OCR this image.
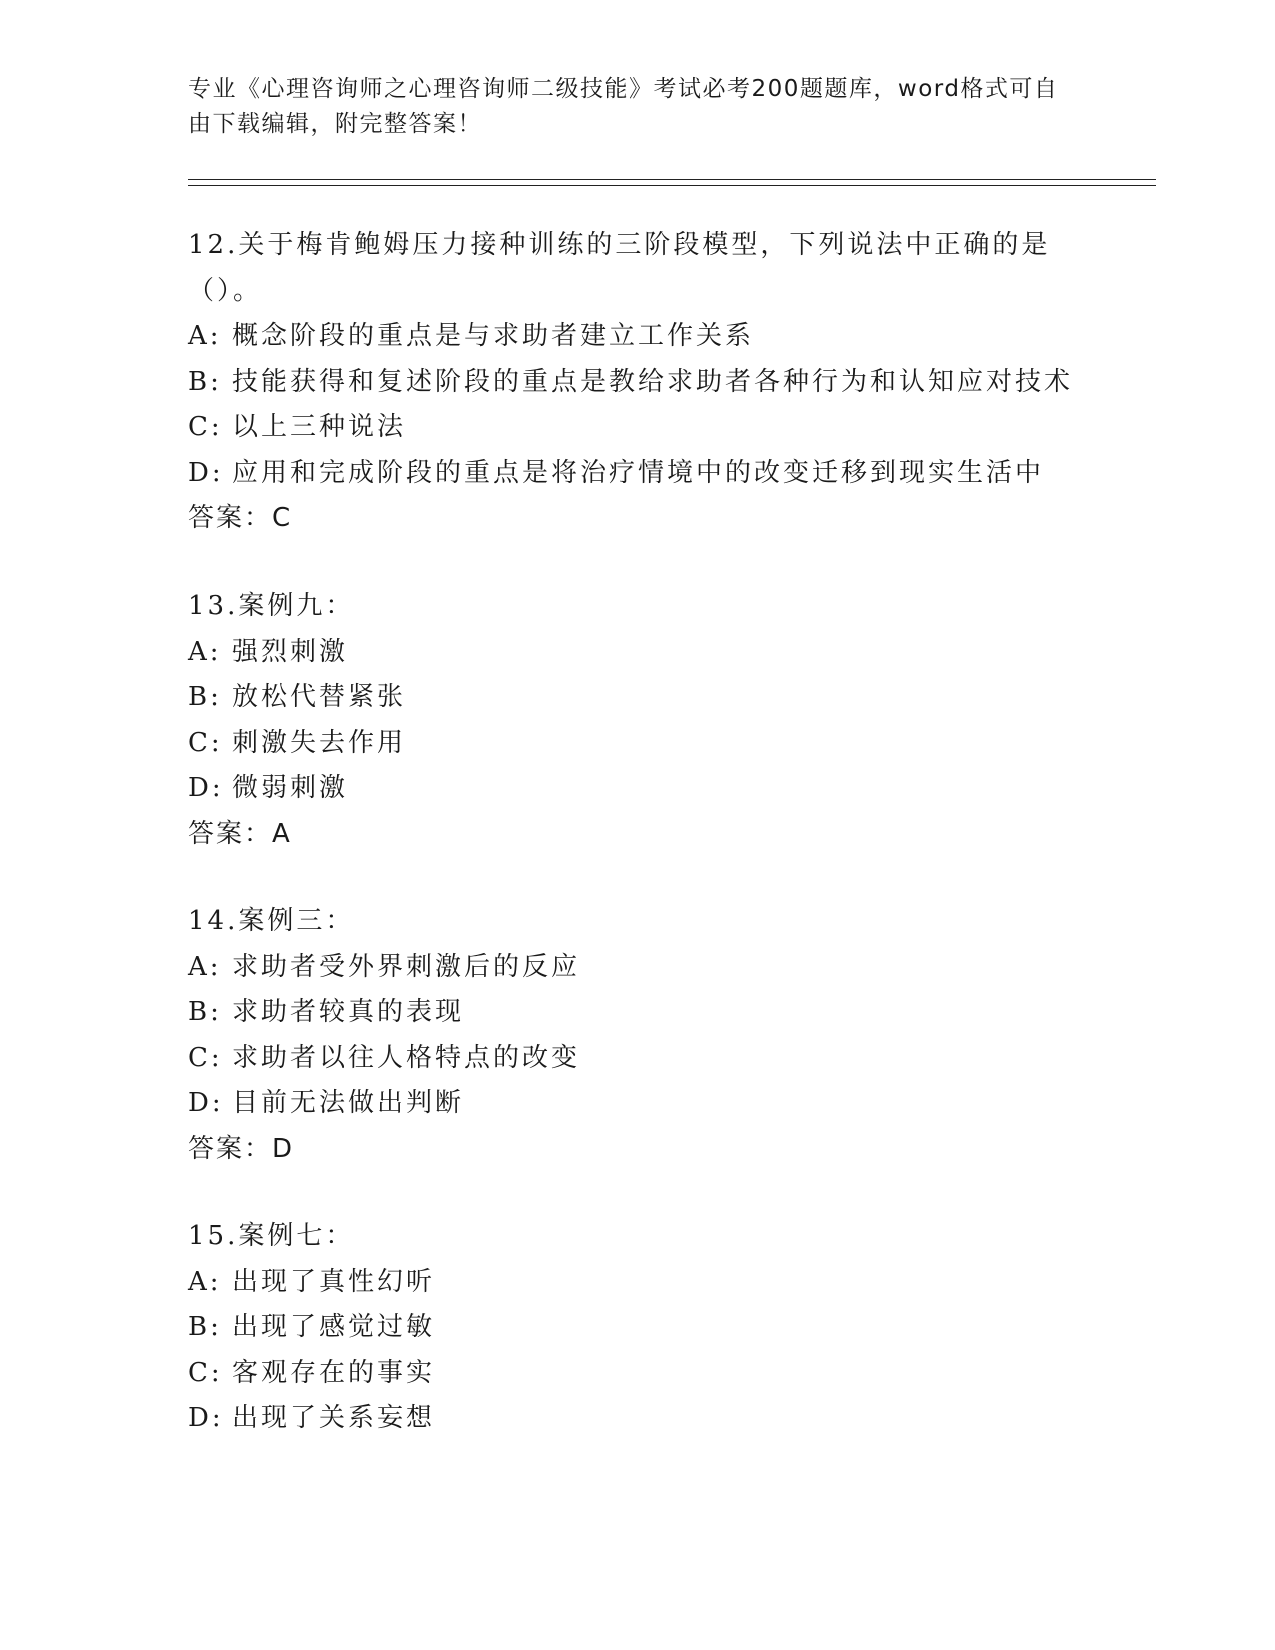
专业《心理咨询师之心理咨询师二级技能》考试必考200题题库，word格式可自由下载编辑，附完整答案！
12.关于梅肯鲍姆压力接种训练的三阶段模型，下列说法中正确的是（）。
A: 概念阶段的重点是与求助者建立工作关系
B: 技能获得和复述阶段的重点是教给求助者各种行为和认知应对技术
C: 以上三种说法
D: 应用和完成阶段的重点是将治疗情境中的改变迁移到现实生活中
答案：C
13.案例九：
A: 强烈刺激
B: 放松代替紧张
C: 刺激失去作用
D: 微弱刺激
答案：A
14.案例三：
A: 求助者受外界刺激后的反应
B: 求助者较真的表现
C: 求助者以往人格特点的改变
D: 目前无法做出判断
答案：D
15.案例七：
A: 出现了真性幻听
B: 出现了感觉过敏
C: 客观存在的事实
D: 出现了关系妄想
